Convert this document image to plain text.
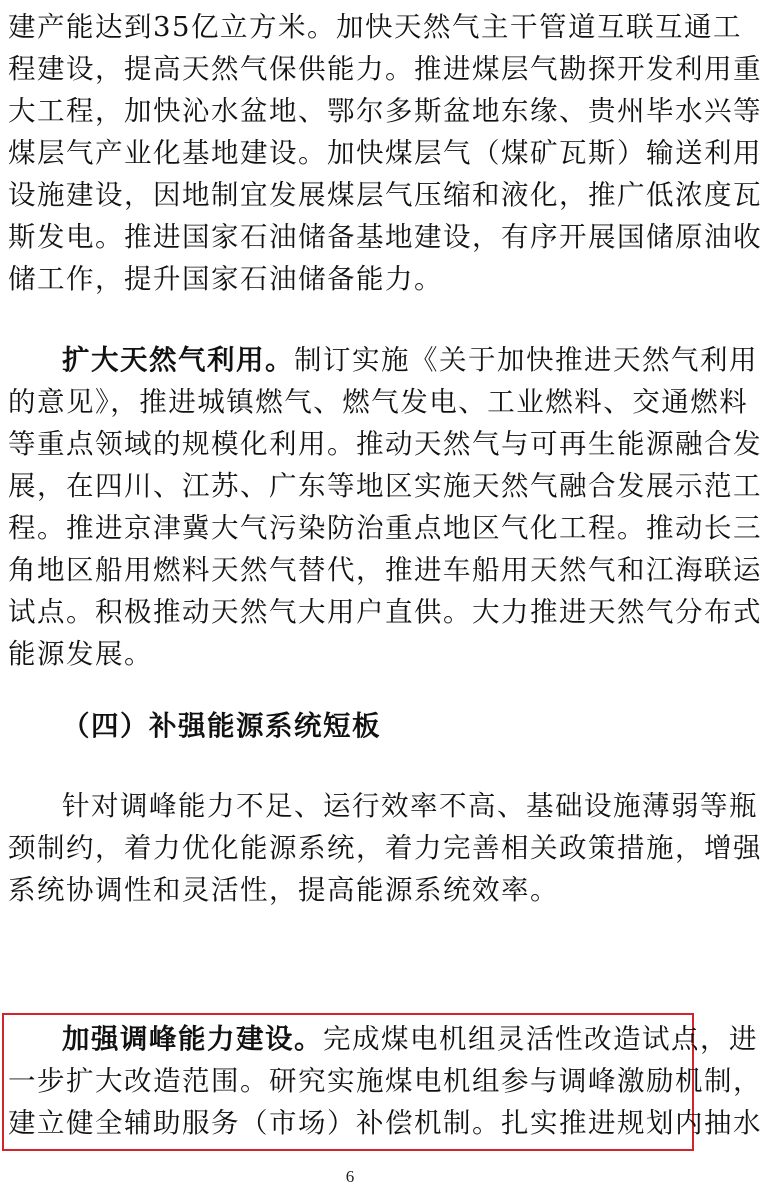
建产能达到35亿立方米。加快天然气主干管道互联互通工
程建设，提高天然气保供能力。推进煤层气勘探开发利用重
大工程，加快沁水盆地、鄂尔多斯盆地东缘、贵州毕水兴等
煤层气产业化基地建设。加快煤层气（煤矿瓦斯）输送利用
设施建设，因地制宜发展煤层气压缩和液化，推广低浓度瓦
斯发电。推进国家石油储备基地建设，有序开展国储原油收
储工作，提升国家石油储备能力。
扩大天然气利用。制订实施《关于加快推进天然气利用
的意见》，推进城镇燃气、燃气发电、工业燃料、交通燃料
等重点领域的规模化利用。推动天然气与可再生能源融合发
展，在四川、江苏、广东等地区实施天然气融合发展示范工
程。推进京津冀大气污染防治重点地区气化工程。推动长三
角地区船用燃料天然气替代，推进车船用天然气和江海联运
试点。积极推动天然气大用户直供。大力推进天然气分布式
能源发展。
（四）补强能源系统短板
针对调峰能力不足、运行效率不高、基础设施薄弱等瓶
颈制约，着力优化能源系统，着力完善相关政策措施，增强
系统协调性和灵活性，提高能源系统效率。
加强调峰能力建设。完成煤电机组灵活性改造试点，进
一步扩大改造范围。研究实施煤电机组参与调峰激励机制，
建立健全辅助服务（市场）补偿机制。扎实推进规划内抽水
6
